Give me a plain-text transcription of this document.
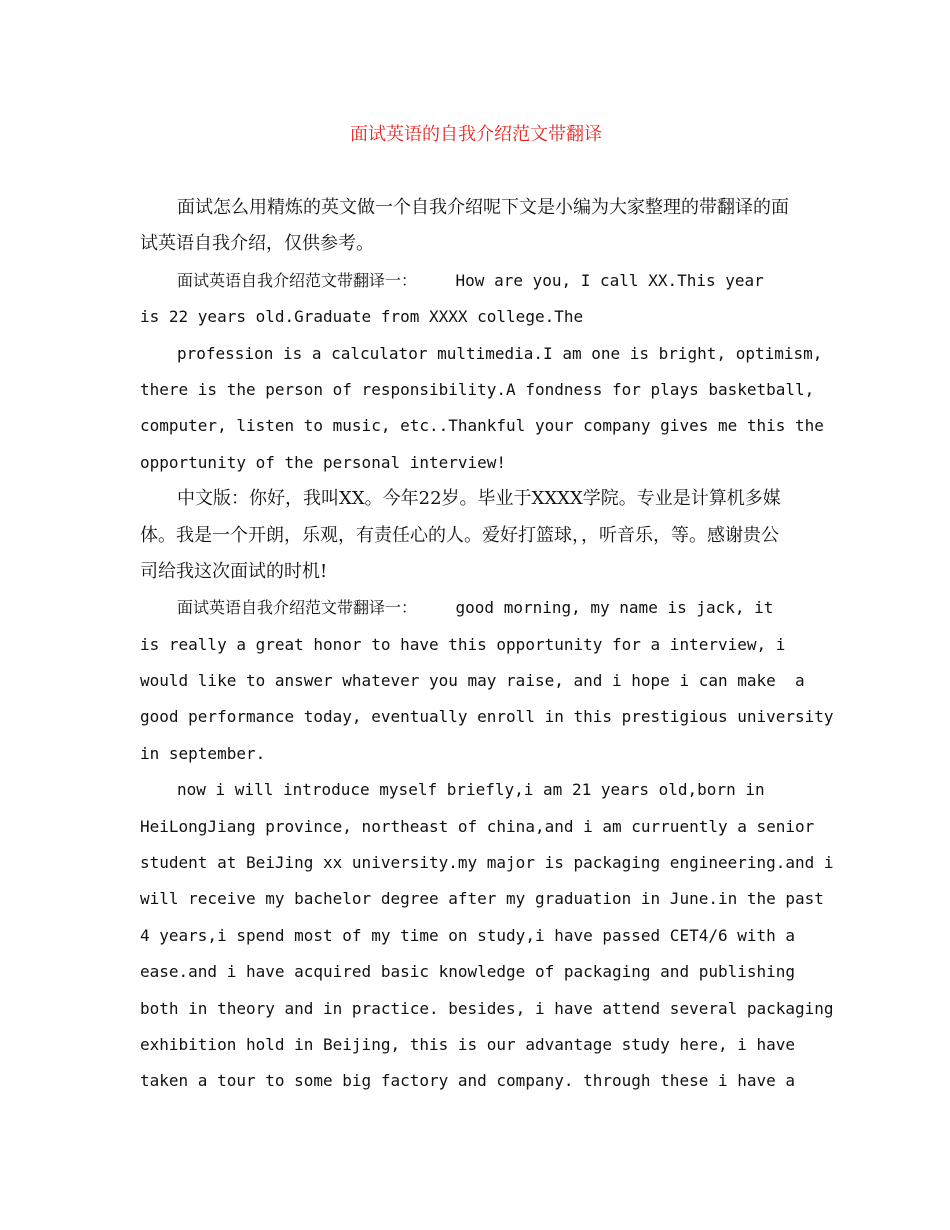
面试英语的自我介绍范文带翻译
面试怎么用精炼的英文做一个自我介绍呢下文是小编为大家整理的带翻译的面
试英语自我介绍，仅供参考。
面试英语自我介绍范文带翻译一：    How are you, I call XX.This year
is 22 years old.Graduate from XXXX college.The
profession is a calculator multimedia.I am one is bright, optimism,
there is the person of responsibility.A fondness for plays basketball,
computer, listen to music, etc..Thankful your company gives me this the
opportunity of the personal interview!
中文版：你好，我叫XX。今年22岁。毕业于XXXX学院。专业是计算机多媒
体。我是一个开朗，乐观，有责任心的人。爱好打篮球，，听音乐，等。感谢贵公
司给我这次面试的时机!
面试英语自我介绍范文带翻译一：    good morning, my name is jack, it
is really a great honor to have this opportunity for a interview, i
would like to answer whatever you may raise, and i hope i can make  a
good performance today, eventually enroll in this prestigious university
in september.
now i will introduce myself briefly,i am 21 years old,born in
HeiLongJiang province, northeast of china,and i am curruently a senior
student at BeiJing xx university.my major is packaging engineering.and i
will receive my bachelor degree after my graduation in June.in the past
4 years,i spend most of my time on study,i have passed CET4/6 with a
ease.and i have acquired basic knowledge of packaging and publishing
both in theory and in practice. besides, i have attend several packaging
exhibition hold in Beijing, this is our advantage study here, i have
taken a tour to some big factory and company. through these i have a
